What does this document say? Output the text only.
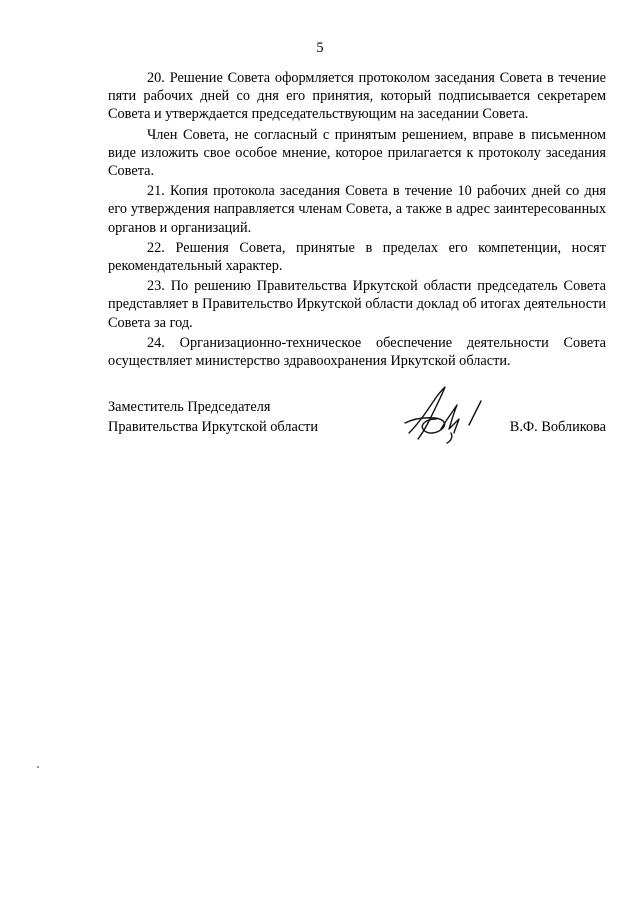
5

20. Решение Совета оформляется протоколом заседания Совета в течение пяти рабочих дней со дня его принятия, который подписывается секретарем Совета и утверждается председательствующим на заседании Совета.

Член Совета, не согласный с принятым решением, вправе в письменном виде изложить свое особое мнение, которое прилагается к протоколу заседания Совета.

21. Копия протокола заседания Совета в течение 10 рабочих дней со дня его утверждения направляется членам Совета, а также в адрес заинтересованных органов и организаций.

22. Решения Совета, принятые в пределах его компетенции, носят рекомендательный характер.

23. По решению Правительства Иркутской области председатель Совета представляет в Правительство Иркутской области доклад об итогах деятельности Совета за год.

24. Организационно-техническое обеспечение деятельности Совета осуществляет министерство здравоохранения Иркутской области.

Заместитель Председателя
Правительства Иркутской области	В.Ф. Вобликова
